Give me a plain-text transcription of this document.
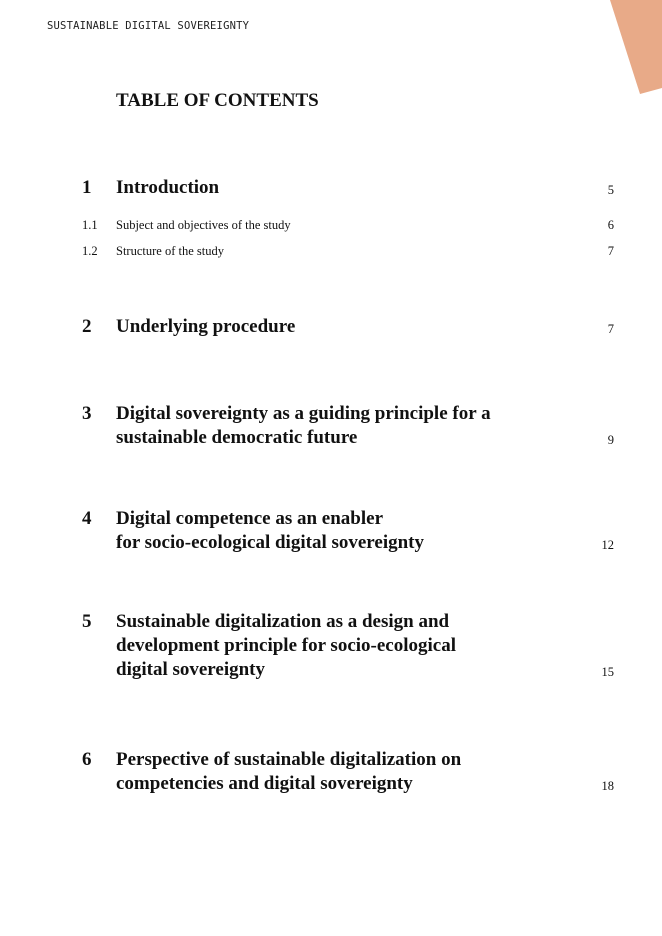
SUSTAINABLE DIGITAL SOVEREIGNTY
TABLE OF CONTENTS
1 Introduction	5
1.1 Subject and objectives of the study	6
1.2 Structure of the study	7
2 Underlying procedure	7
3 Digital sovereignty as a guiding principle for a
sustainable democratic future	9
4 Digital competence as an enabler
for socio-ecological digital sovereignty	12
5 Sustainable digitalization as a design and
development principle for socio-ecological
digital sovereignty	15
6 Perspective of sustainable digitalization on
competencies and digital sovereignty	18
